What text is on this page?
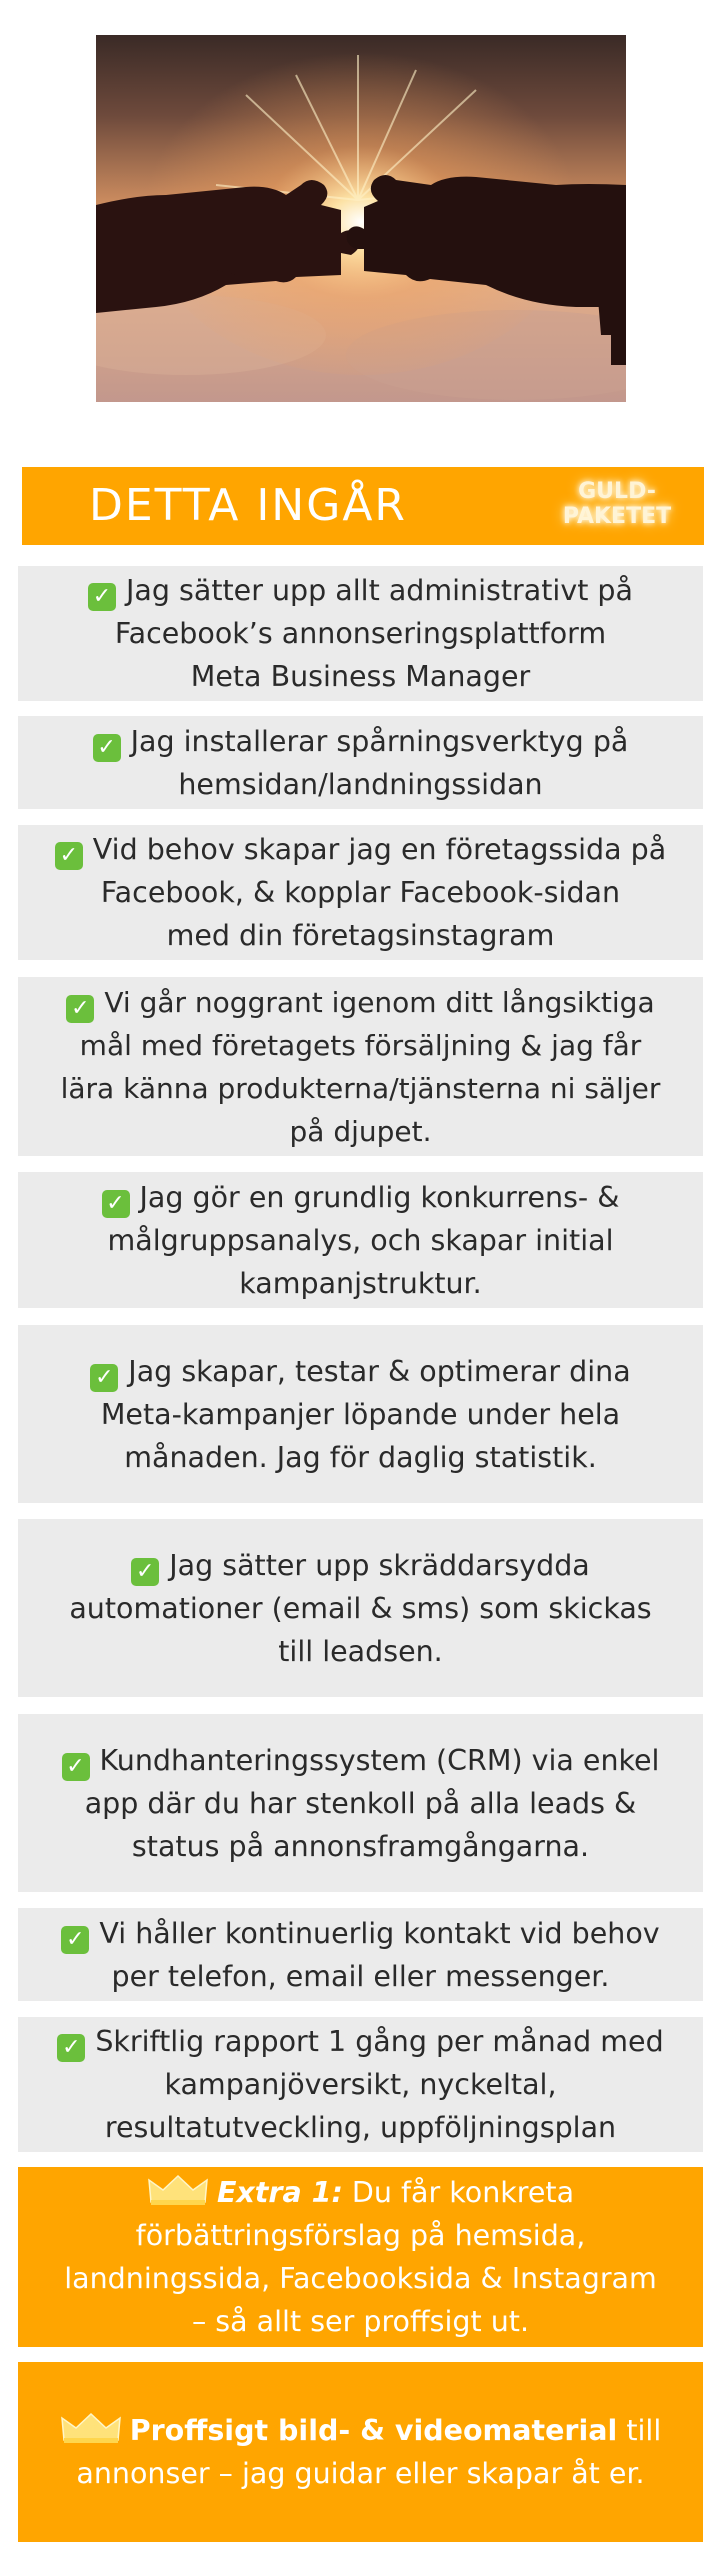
DETTA INGÅR	GULD-
PAKETET
✓ Jag sätter upp allt administrativt på
Facebook’s annonseringsplattform
Meta Business Manager
✓ Jag installerar spårningsverktyg på
hemsidan/landningssidan
✓ Vid behov skapar jag en företagssida på
Facebook, & kopplar Facebook-sidan
med din företagsinstagram
✓ Vi går noggrant igenom ditt långsiktiga
mål med företagets försäljning & jag får
lära känna produkterna/tjänsterna ni säljer
på djupet.
✓ Jag gör en grundlig konkurrens- &
målgruppsanalys, och skapar initial
kampanjstruktur.
✓ Jag skapar, testar & optimerar dina
Meta-kampanjer löpande under hela
månaden. Jag för daglig statistik.
✓ Jag sätter upp skräddarsydda
automationer (email & sms) som skickas
till leadsen.
✓ Kundhanteringssystem (CRM) via enkel
app där du har stenkoll på alla leads &
status på annonsframgångarna.
✓ Vi håller kontinuerlig kontakt vid behov
per telefon, email eller messenger.
✓ Skriftlig rapport 1 gång per månad med
kampanjöversikt, nyckeltal,
resultatutveckling, uppföljningsplan
Extra 1: Du får konkreta
förbättringsförslag på hemsida,
landningssida, Facebooksida & Instagram
– så allt ser proffsigt ut.
Proffsigt bild- & videomaterial till
annonser – jag guidar eller skapar åt er.
